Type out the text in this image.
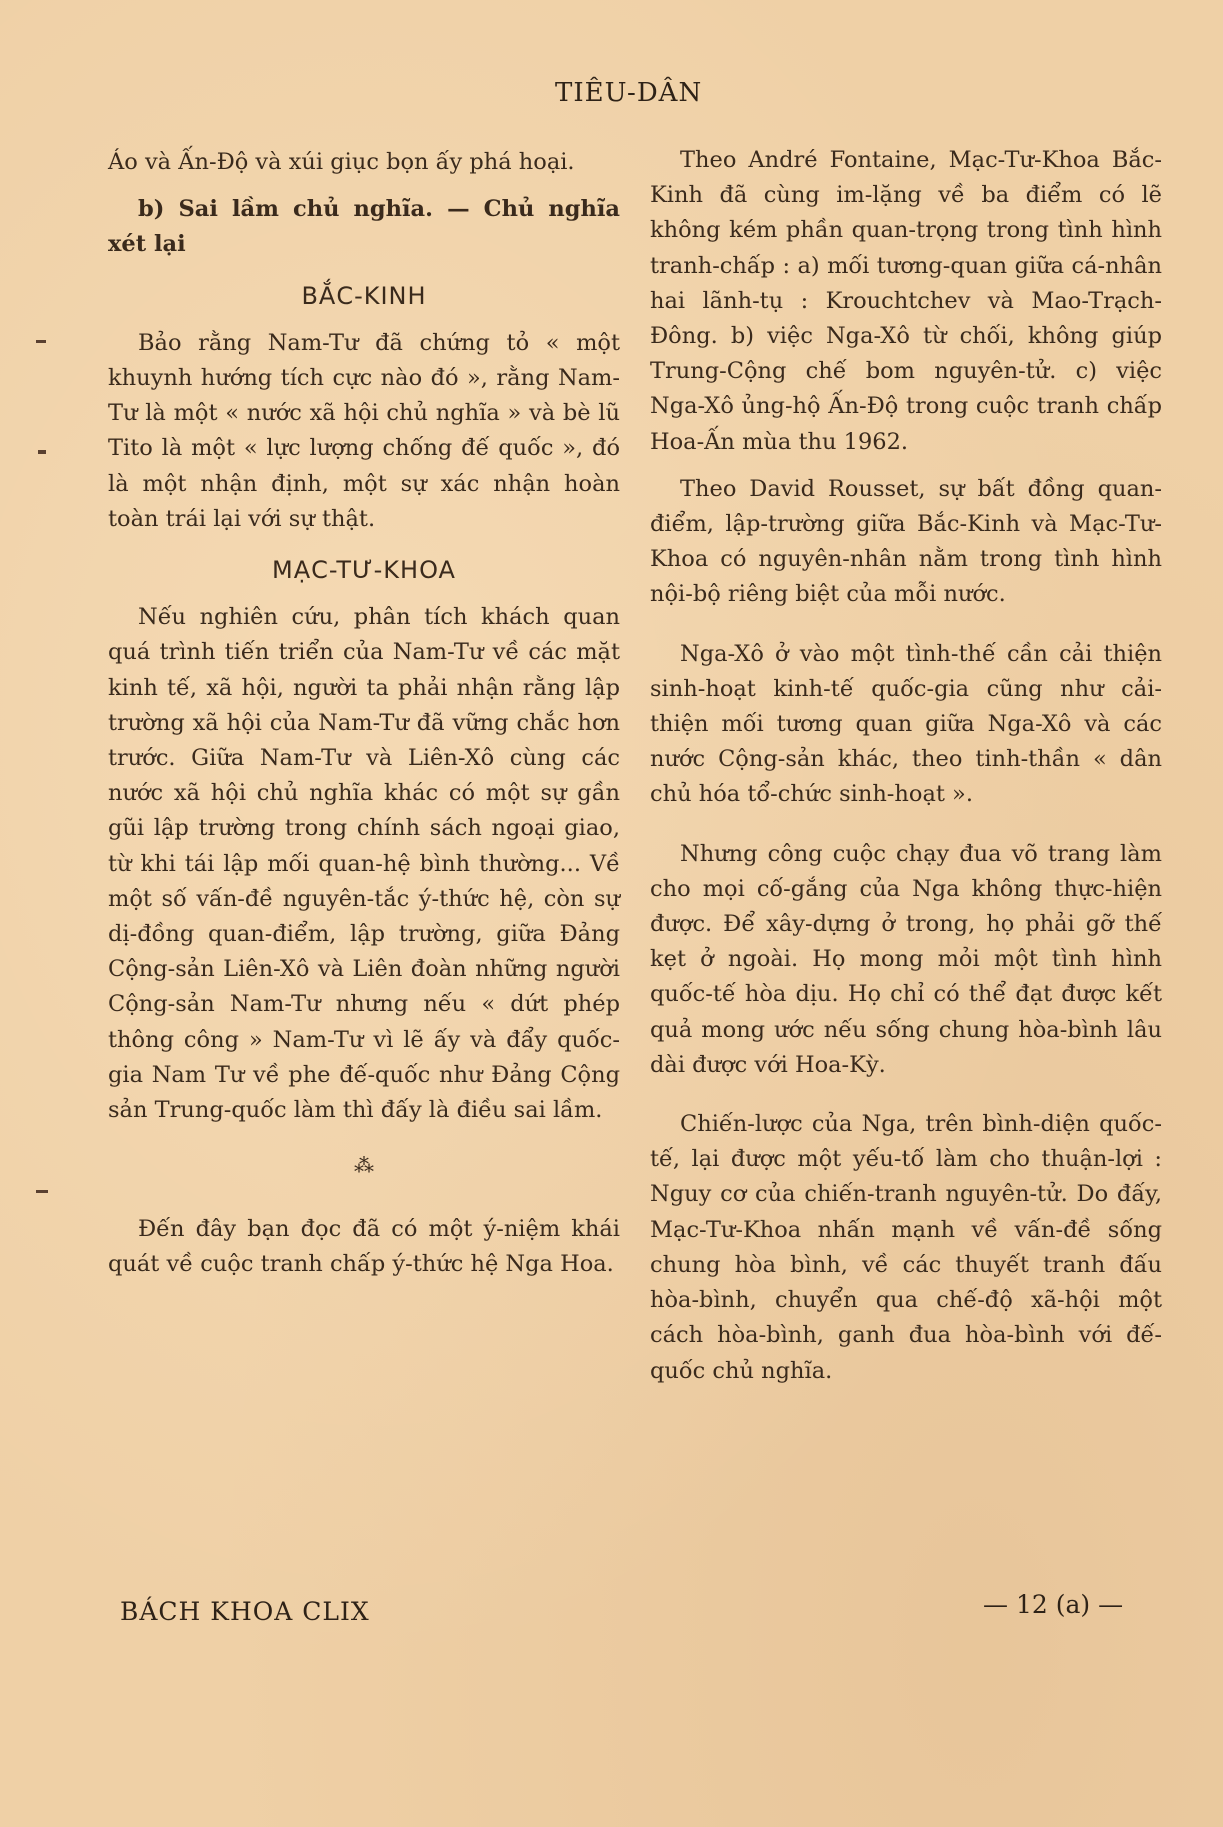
TIÊU-DÂN

Áo và Ấn-Độ và xúi giục bọn ấy phá hoại.

b) Sai lầm chủ nghĩa. — Chủ nghĩa xét lại

BẮC-KINH

Bảo rằng Nam-Tư đã chứng tỏ « một khuynh hướng tích cực nào đó », rằng Nam-Tư là một « nước xã hội chủ nghĩa » và bè lũ Tito là một « lực lượng chống đế quốc », đó là một nhận định, một sự xác nhận hoàn toàn trái lại với sự thật.

MẠC-TƯ-KHOA

Nếu nghiên cứu, phân tích khách quan quá trình tiến triển của Nam-Tư về các mặt kinh tế, xã hội, người ta phải nhận rằng lập trường xã hội của Nam-Tư đã vững chắc hơn trước. Giữa Nam-Tư và Liên-Xô cùng các nước xã hội chủ nghĩa khác có một sự gần gũi lập trường trong chính sách ngoại giao, từ khi tái lập mối quan-hệ bình thường... Về một số vấn-đề nguyên-tắc ý-thức hệ, còn sự dị-đồng quan-điểm, lập trường, giữa Đảng Cộng-sản Liên-Xô và Liên đoàn những người Cộng-sản Nam-Tư nhưng nếu « dứt phép thông công » Nam-Tư vì lẽ ấy và đẩy quốc-gia Nam Tư về phe đế-quốc như Đảng Cộng sản Trung-quốc làm thì đấy là điều sai lầm.

⁂

Đến đây bạn đọc đã có một ý-niệm khái quát về cuộc tranh chấp ý-thức hệ Nga Hoa.

Theo André Fontaine, Mạc-Tư-Khoa Bắc-Kinh đã cùng im-lặng về ba điểm có lẽ không kém phần quan-trọng trong tình hình tranh-chấp : a) mối tương-quan giữa cá-nhân hai lãnh-tụ : Krouchtchev và Mao-Trạch-Đông. b) việc Nga-Xô từ chối, không giúp Trung-Cộng chế bom nguyên-tử. c) việc Nga-Xô ủng-hộ Ấn-Độ trong cuộc tranh chấp Hoa-Ấn mùa thu 1962.

Theo David Rousset, sự bất đồng quan-điểm, lập-trường giữa Bắc-Kinh và Mạc-Tư-Khoa có nguyên-nhân nằm trong tình hình nội-bộ riêng biệt của mỗi nước.

Nga-Xô ở vào một tình-thế cần cải thiện sinh-hoạt kinh-tế quốc-gia cũng như cải-thiện mối tương quan giữa Nga-Xô và các nước Cộng-sản khác, theo tinh-thần « dân chủ hóa tổ-chức sinh-hoạt ».

Nhưng công cuộc chạy đua võ trang làm cho mọi cố-gắng của Nga không thực-hiện được. Để xây-dựng ở trong, họ phải gỡ thế kẹt ở ngoài. Họ mong mỏi một tình hình quốc-tế hòa dịu. Họ chỉ có thể đạt được kết quả mong ước nếu sống chung hòa-bình lâu dài được với Hoa-Kỳ.

Chiến-lược của Nga, trên bình-diện quốc-tế, lại được một yếu-tố làm cho thuận-lợi : Nguy cơ của chiến-tranh nguyên-tử. Do đấy, Mạc-Tư-Khoa nhấn mạnh về vấn-đề sống chung hòa bình, về các thuyết tranh đấu hòa-bình, chuyển qua chế-độ xã-hội một cách hòa-bình, ganh đua hòa-bình với đế-quốc chủ nghĩa.

BÁCH KHOA CLIX	— 12 (a) —
